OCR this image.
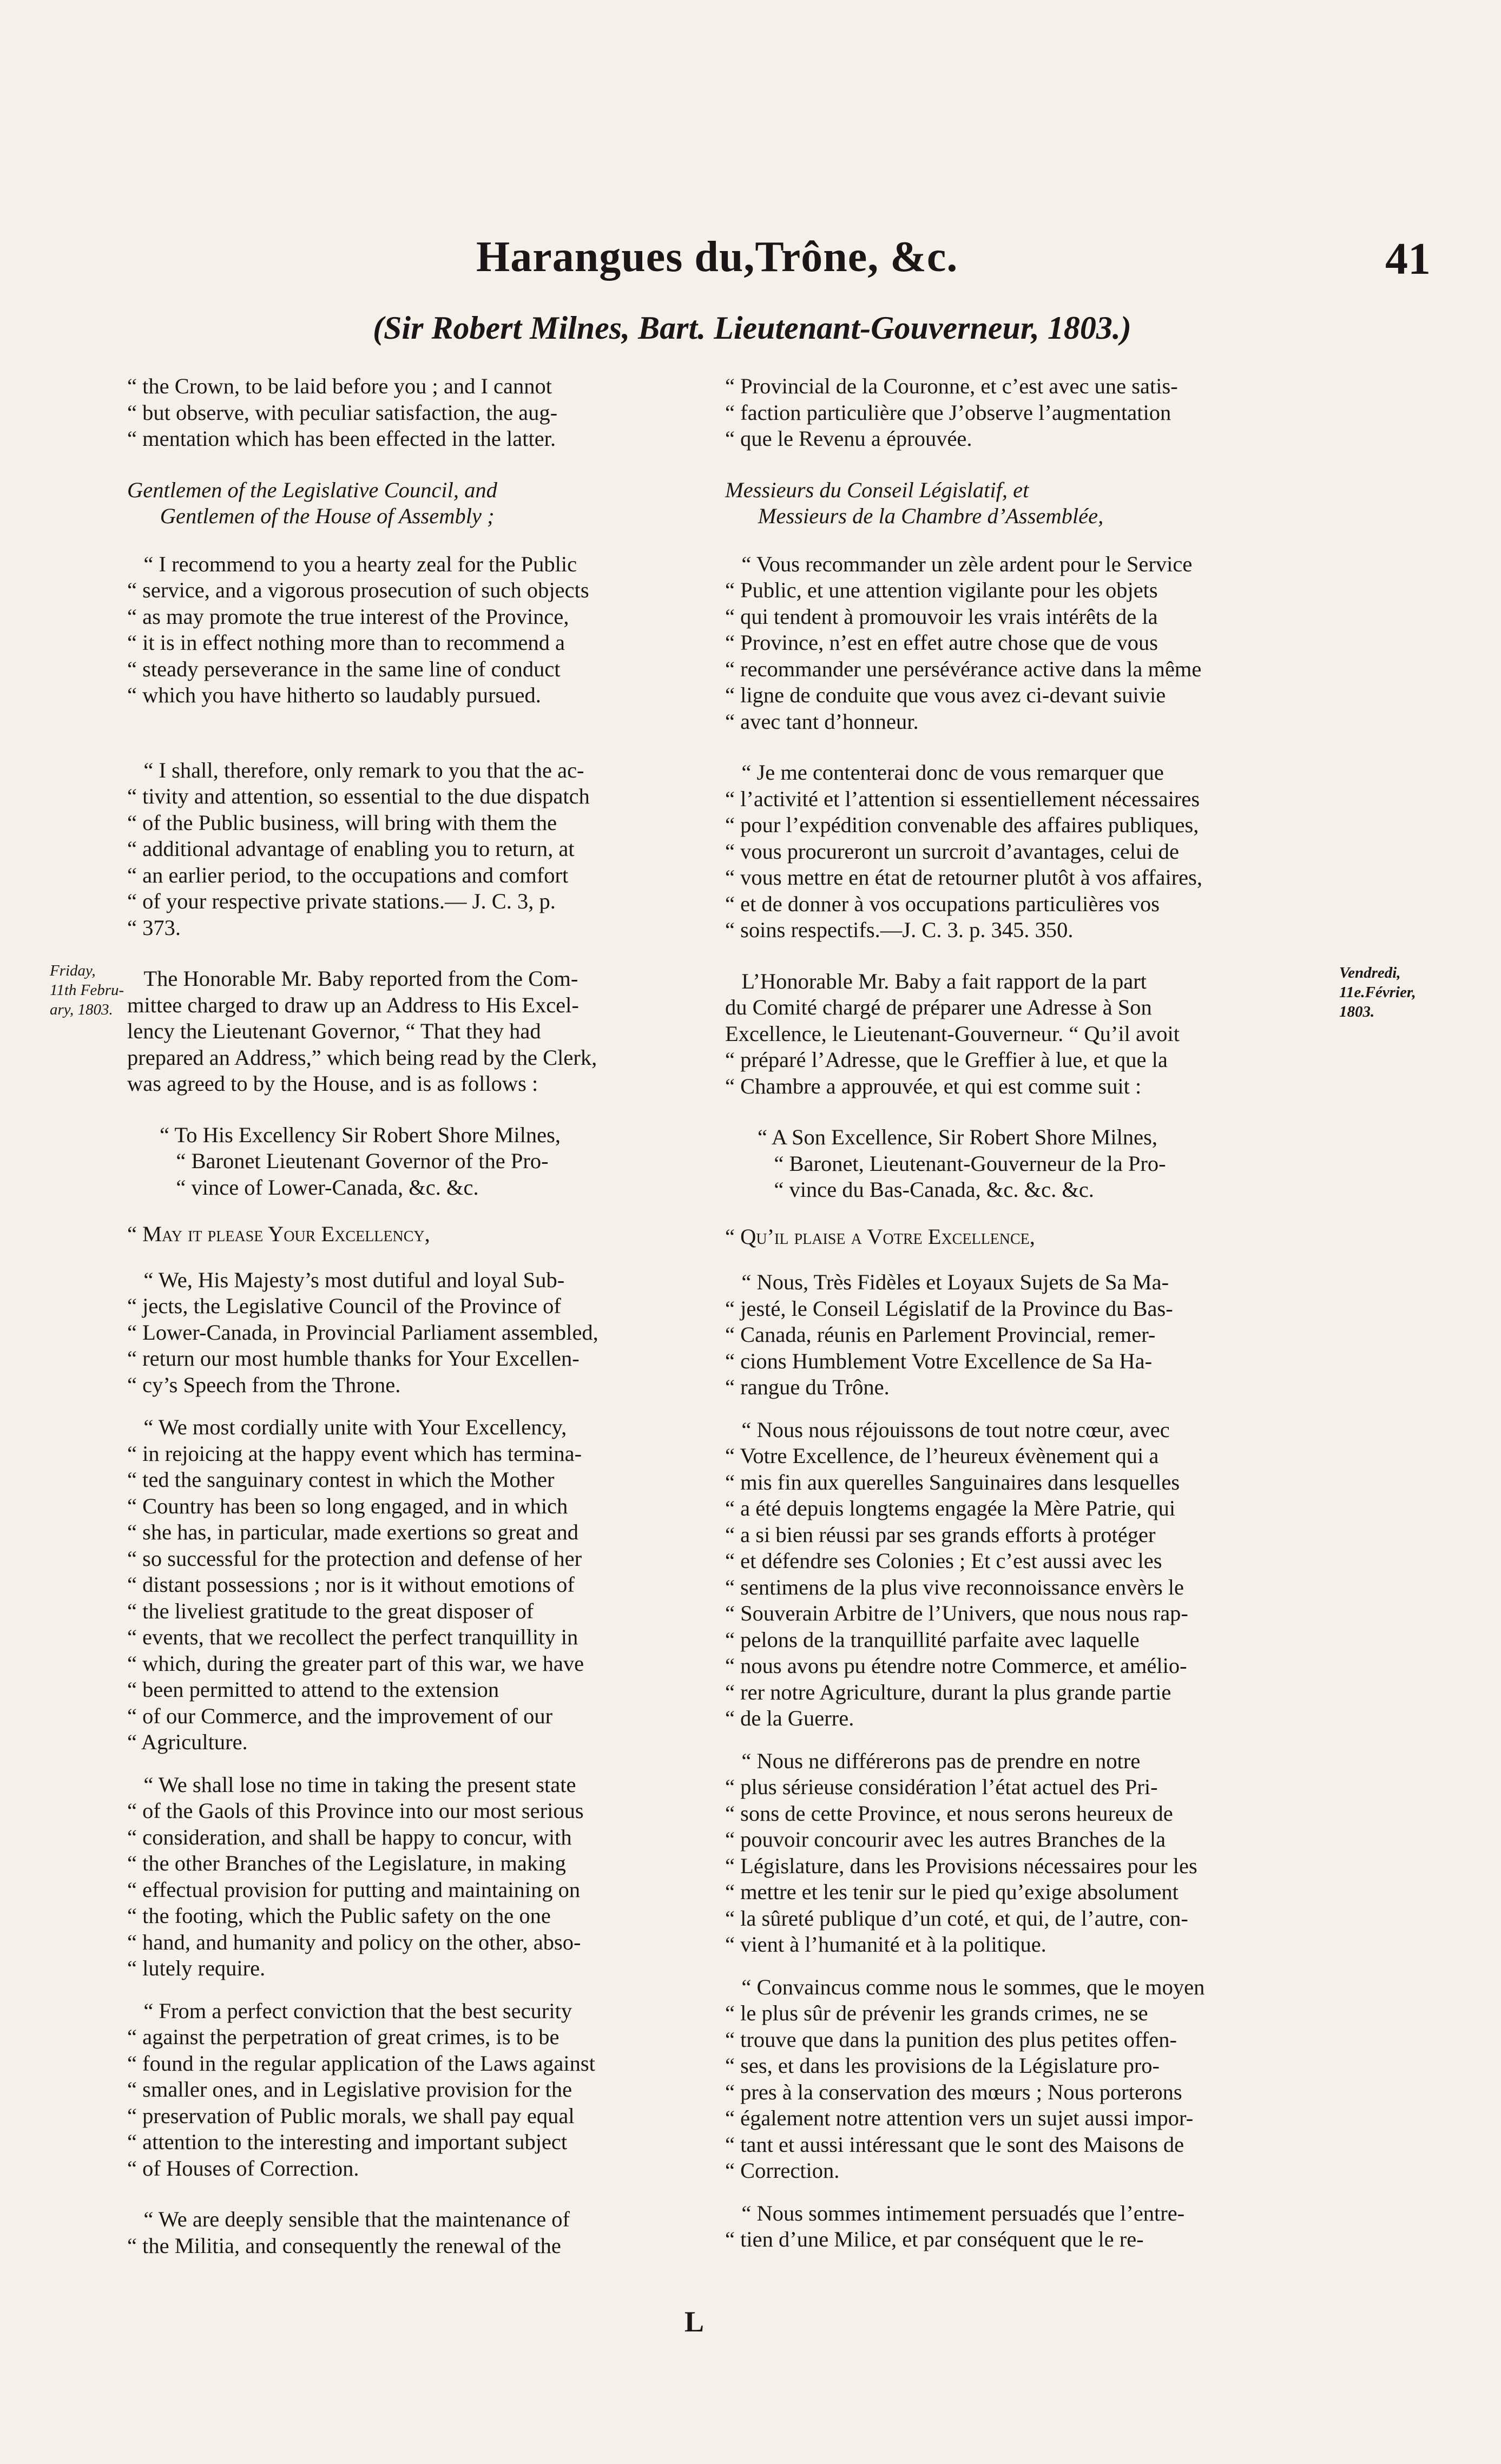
Harangues du,Trône, &c.	41
(Sir Robert Milnes, Bart. Lieutenant-Gouverneur, 1803.)
Friday,
11th Febru-
ary, 1803.
Vendredi,
11e.Février,
1803.

“ the Crown, to be laid before you ; and I cannot
“ but observe, with peculiar satisfaction, the aug-
“ mentation which has been effected in the latter.

Gentlemen of the Legislative Council, and
Gentlemen of the House of Assembly ;

“ I recommend to you a hearty zeal for the Public
“ service, and a vigorous prosecution of such objects
“ as may promote the true interest of the Province,
“ it is in effect nothing more than to recommend a
“ steady perseverance in the same line of conduct
“ which you have hitherto so laudably pursued.

“ I shall, therefore, only remark to you that the ac-
“ tivity and attention, so essential to the due dispatch
“ of the Public business, will bring with them the
“ additional advantage of enabling you to return, at
“ an earlier period, to the occupations and comfort
“ of your respective private stations.— J. C. 3, p.
“ 373.

The Honorable Mr. Baby reported from the Com-
mittee charged to draw up an Address to His Excel-
lency the Lieutenant Governor, “ That they had
prepared an Address,” which being read by the Clerk,
was agreed to by the House, and is as follows :

“ To His Excellency Sir Robert Shore Milnes,
“ Baronet Lieutenant Governor of the Pro-
“ vince of Lower-Canada, &c. &c.

“ May it please Your Excellency,

“ We, His Majesty’s most dutiful and loyal Sub-
“ jects, the Legislative Council of the Province of
“ Lower-Canada, in Provincial Parliament assembled,
“ return our most humble thanks for Your Excellen-
“ cy’s Speech from the Throne.

“ We most cordially unite with Your Excellency,
“ in rejoicing at the happy event which has termina-
“ ted the sanguinary contest in which the Mother
“ Country has been so long engaged, and in which
“ she has, in particular, made exertions so great and
“ so successful for the protection and defense of her
“ distant possessions ; nor is it without emotions of
“ the liveliest gratitude to the great disposer of
“ events, that we recollect the perfect tranquillity in
“ which, during the greater part of this war, we have
“ been permitted to attend to the extension
“ of our Commerce, and the improvement of our
“ Agriculture.

“ We shall lose no time in taking the present state
“ of the Gaols of this Province into our most serious
“ consideration, and shall be happy to concur, with
“ the other Branches of the Legislature, in making
“ effectual provision for putting and maintaining on
“ the footing, which the Public safety on the one
“ hand, and humanity and policy on the other, abso-
“ lutely require.

“ From a perfect conviction that the best security
“ against the perpetration of great crimes, is to be
“ found in the regular application of the Laws against
“ smaller ones, and in Legislative provision for the
“ preservation of Public morals, we shall pay equal
“ attention to the interesting and important subject
“ of Houses of Correction.

“ We are deeply sensible that the maintenance of
“ the Militia, and consequently the renewal of the

“ Provincial de la Couronne, et c’est avec une satis-
“ faction particulière que J’observe l’augmentation
“ que le Revenu a éprouvée.

Messieurs du Conseil Législatif, et
Messieurs de la Chambre d’Assemblée,

“ Vous recommander un zèle ardent pour le Service
“ Public, et une attention vigilante pour les objets
“ qui tendent à promouvoir les vrais intérêts de la
“ Province, n’est en effet autre chose que de vous
“ recommander une persévérance active dans la même
“ ligne de conduite que vous avez ci-devant suivie
“ avec tant d’honneur.

“ Je me contenterai donc de vous remarquer que
“ l’activité et l’attention si essentiellement nécessaires
“ pour l’expédition convenable des affaires publiques,
“ vous procureront un surcroit d’avantages, celui de
“ vous mettre en état de retourner plutôt à vos affaires,
“ et de donner à vos occupations particulières vos
“ soins respectifs.—J. C. 3. p. 345. 350.

L’Honorable Mr. Baby a fait rapport de la part
du Comité chargé de préparer une Adresse à Son
Excellence, le Lieutenant-Gouverneur. “ Qu’il avoit
“ préparé l’Adresse, que le Greffier à lue, et que la
“ Chambre a approuvée, et qui est comme suit :

“ A Son Excellence, Sir Robert Shore Milnes,
“ Baronet, Lieutenant-Gouverneur de la Pro-
“ vince du Bas-Canada, &c. &c. &c.

“ Qu’il plaise a Votre Excellence,

“ Nous, Très Fidèles et Loyaux Sujets de Sa Ma-
“ jesté, le Conseil Législatif de la Province du Bas-
“ Canada, réunis en Parlement Provincial, remer-
“ cions Humblement Votre Excellence de Sa Ha-
“ rangue du Trône.

“ Nous nous réjouissons de tout notre cœur, avec
“ Votre Excellence, de l’heureux évènement qui a
“ mis fin aux querelles Sanguinaires dans lesquelles
“ a été depuis longtems engagée la Mère Patrie, qui
“ a si bien réussi par ses grands efforts à protéger
“ et défendre ses Colonies ; Et c’est aussi avec les
“ sentimens de la plus vive reconnoissance envèrs le
“ Souverain Arbitre de l’Univers, que nous nous rap-
“ pelons de la tranquillité parfaite avec laquelle
“ nous avons pu étendre notre Commerce, et amélio-
“ rer notre Agriculture, durant la plus grande partie
“ de la Guerre.

“ Nous ne différerons pas de prendre en notre
“ plus sérieuse considération l’état actuel des Pri-
“ sons de cette Province, et nous serons heureux de
“ pouvoir concourir avec les autres Branches de la
“ Législature, dans les Provisions nécessaires pour les
“ mettre et les tenir sur le pied qu’exige absolument
“ la sûreté publique d’un coté, et qui, de l’autre, con-
“ vient à l’humanité et à la politique.

“ Convaincus comme nous le sommes, que le moyen
“ le plus sûr de prévenir les grands crimes, ne se
“ trouve que dans la punition des plus petites offen-
“ ses, et dans les provisions de la Législature pro-
“ pres à la conservation des mœurs ; Nous porterons
“ également notre attention vers un sujet aussi impor-
“ tant et aussi intéressant que le sont des Maisons de
“ Correction.

“ Nous sommes intimement persuadés que l’entre-
“ tien d’une Milice, et par conséquent que le re-

L
